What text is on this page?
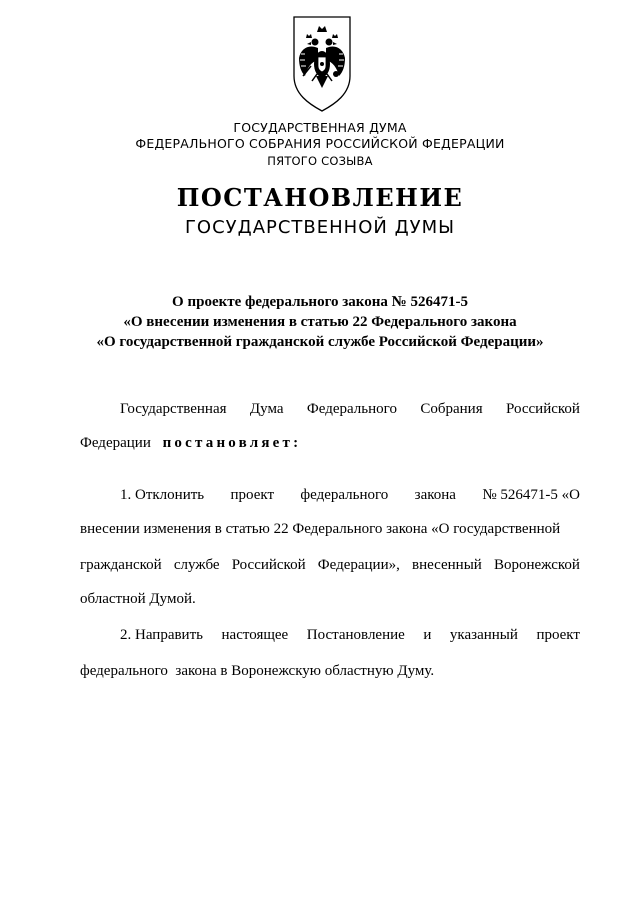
ГОСУДАРСТВЕННАЯ ДУМА
ФЕДЕРАЛЬНОГО СОБРАНИЯ РОССИЙСКОЙ ФЕДЕРАЦИИ
ПЯТОГО СОЗЫВА
ПОСТАНОВЛЕНИЕ
ГОСУДАРСТВЕННОЙ ДУМЫ
О проекте федерального закона № 526471-5
«О внесении изменения в статью 22 Федерального закона
«О государственной гражданской службе Российской Федерации»
Государственная Дума Федерального Собрания Российской
Федерации постановляет:
1. Отклонить проект федерального закона № 526471-5 «О
внесении изменения в статью 22 Федерального закона «О государственной
гражданской службе Российской Федерации», внесенный Воронежской
областной Думой.
2. Направить настоящее Постановление и указанный проект
федерального  закона в Воронежскую областную Думу.
